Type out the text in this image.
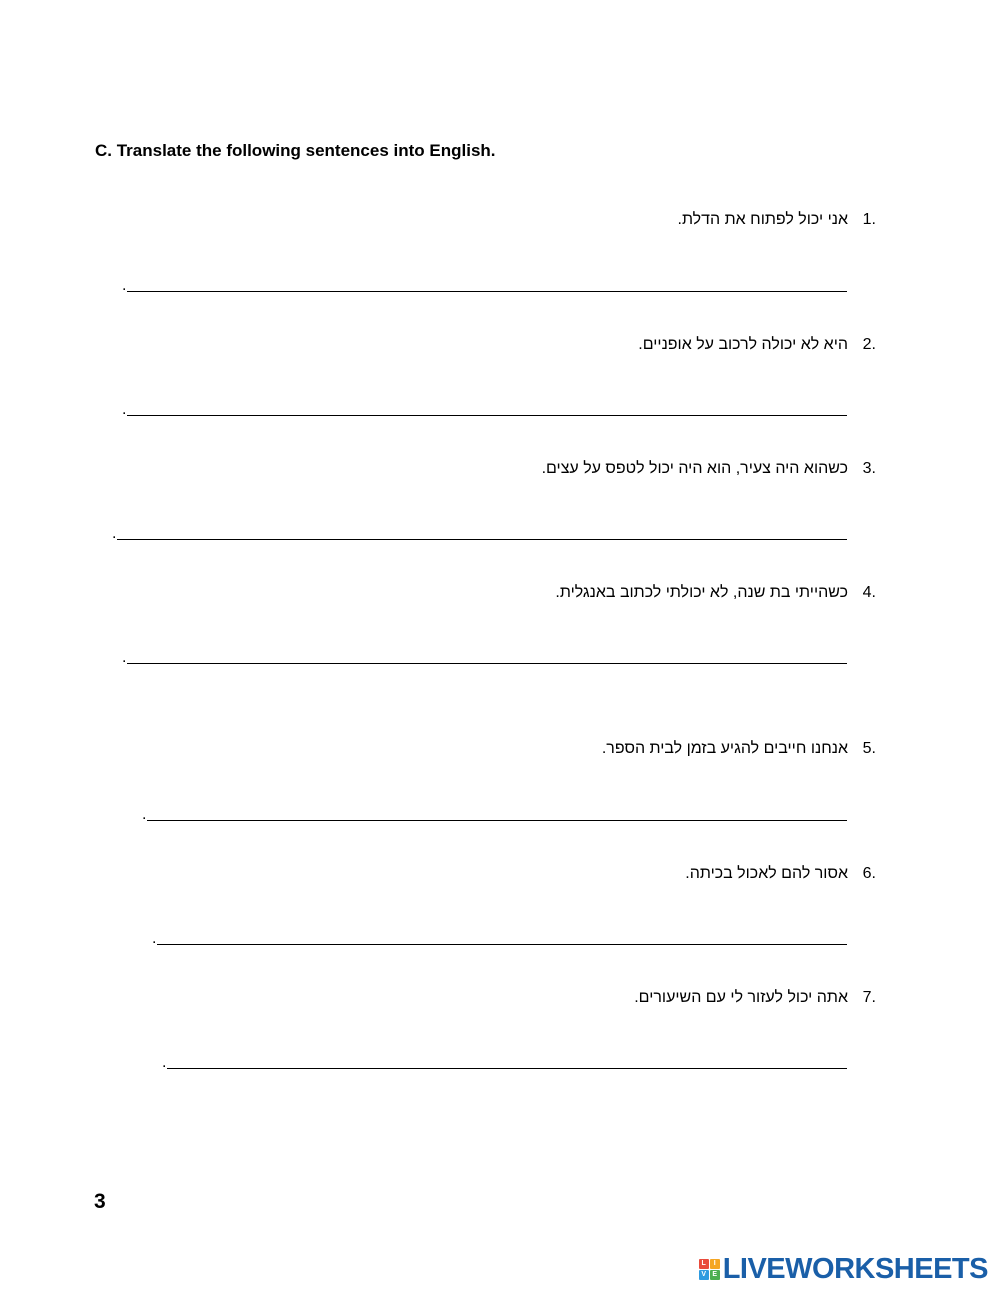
C. Translate the following sentences into English.
1.
אני יכול לפתוח את הדלת.
.
2.
היא לא יכולה לרכוב על אופניים.
.
3.
כשהוא היה צעיר, הוא היה יכול לטפס על עצים.
.
4.
כשהייתי בת שנה, לא יכולתי לכתוב באנגלית.
.
5.
אנחנו חייבים להגיע בזמן לבית הספר.
.
6.
אסור להם לאכול בכיתה.
.
7.
אתה יכול לעזור לי עם השיעורים.
.
3
L	I
V E LIVEWORKSHEETS
